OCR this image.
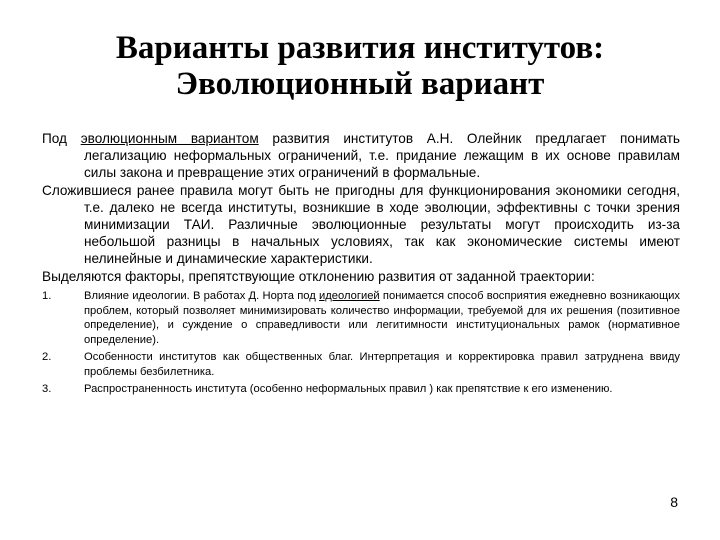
Варианты развития институтов:
Эволюционный вариант

Под эволюционным вариантом развития институтов А.Н. Олейник предлагает понимать легализацию неформальных ограничений, т.е. придание лежащим в их основе правилам силы закона и превращение этих ограничений в формальные.

Сложившиеся ранее правила могут быть не пригодны для функционирования экономики сегодня, т.е. далеко не всегда институты, возникшие в ходе эволюции, эффективны с точки зрения минимизации ТАИ. Различные эволюционные результаты могут происходить из-за небольшой разницы в начальных условиях, так как экономические системы имеют нелинейные и динамические характеристики.

Выделяются факторы, препятствующие отклонению развития от заданной траектории:

1.	Влияние идеологии. В работах Д. Норта под идеологией понимается способ восприятия ежедневно возникающих проблем, который позволяет минимизировать количество информации, требуемой для их решения (позитивное определение), и суждение о справедливости или легитимности институциональных рамок (нормативное определение).
2.	Особенности институтов как общественных благ. Интерпретация и корректировка правил затруднена ввиду проблемы безбилетника.
3.	Распространенность института (особенно неформальных правил ) как препятствие к его изменению.
8
